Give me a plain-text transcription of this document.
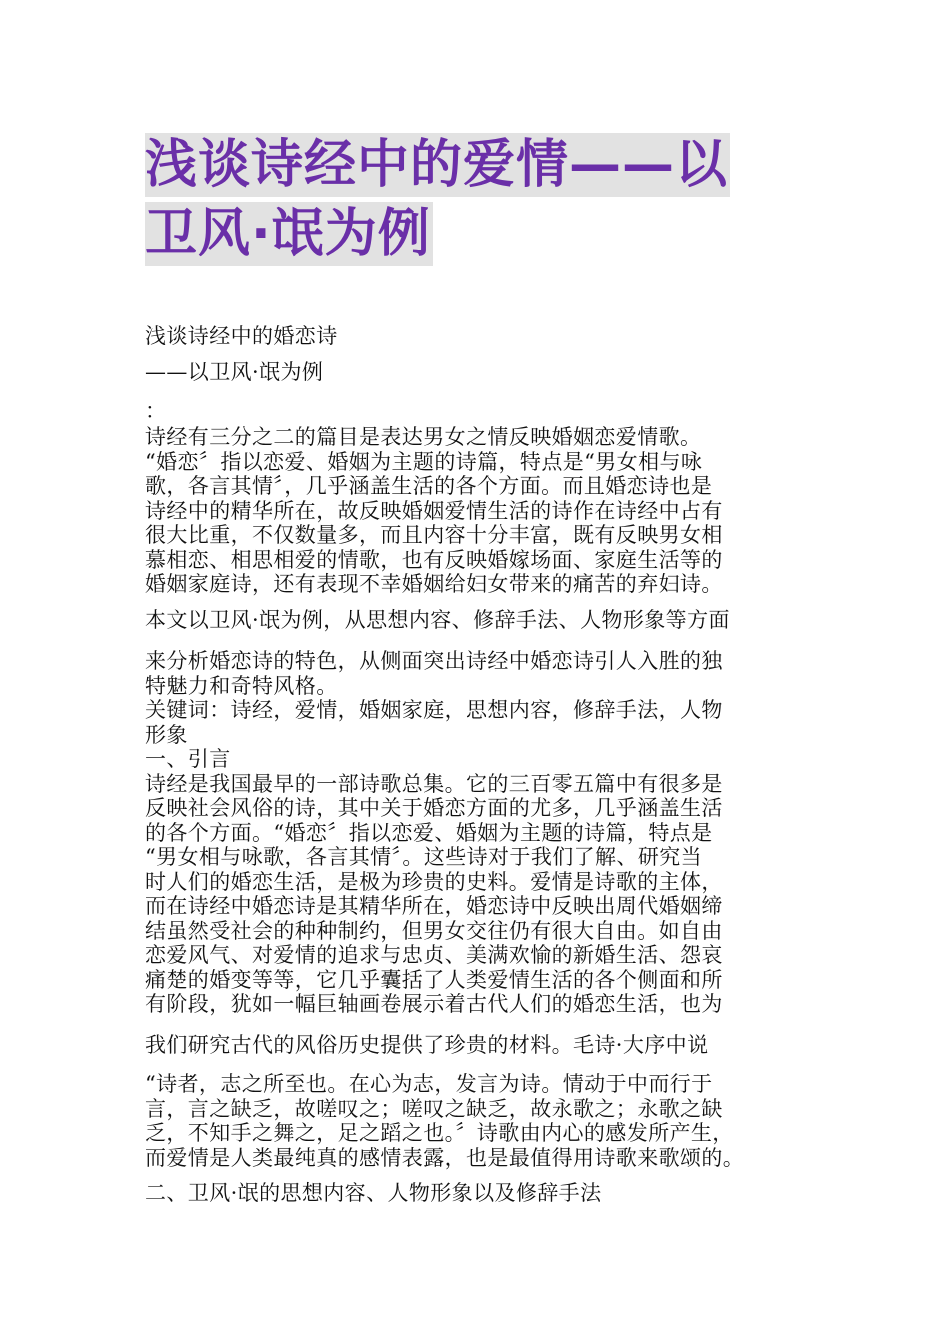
浅谈诗经中的爱情——以
卫风·氓为例

浅谈诗经中的婚恋诗

——以卫风·氓为例

：

诗经有三分之二的篇目是表达男女之情反映婚姻恋爱情歌。
“婚恋〞指以恋爱、婚姻为主题的诗篇，特点是“男女相与咏
歌，各言其情〞，几乎涵盖生活的各个方面。而且婚恋诗也是
诗经中的精华所在，故反映婚姻爱情生活的诗作在诗经中占有
很大比重，不仅数量多，而且内容十分丰富，既有反映男女相
慕相恋、相思相爱的情歌，也有反映婚嫁场面、家庭生活等的
婚姻家庭诗，还有表现不幸婚姻给妇女带来的痛苦的弃妇诗。

本文以卫风·氓为例，从思想内容、修辞手法、人物形象等方面

来分析婚恋诗的特色，从侧面突出诗经中婚恋诗引人入胜的独
特魅力和奇特风格。
关键词：诗经，爱情，婚姻家庭，思想内容，修辞手法，人物
形象
一、引言
诗经是我国最早的一部诗歌总集。它的三百零五篇中有很多是
反映社会风俗的诗，其中关于婚恋方面的尤多，几乎涵盖生活
的各个方面。“婚恋〞指以恋爱、婚姻为主题的诗篇，特点是
“男女相与咏歌，各言其情〞。这些诗对于我们了解、研究当
时人们的婚恋生活，是极为珍贵的史料。爱情是诗歌的主体，
而在诗经中婚恋诗是其精华所在，婚恋诗中反映出周代婚姻缔
结虽然受社会的种种制约，但男女交往仍有很大自由。如自由
恋爱风气、对爱情的追求与忠贞、美满欢愉的新婚生活、怨哀
痛楚的婚变等等，它几乎囊括了人类爱情生活的各个侧面和所
有阶段，犹如一幅巨轴画卷展示着古代人们的婚恋生活，也为

我们研究古代的风俗历史提供了珍贵的材料。毛诗·大序中说

“诗者，志之所至也。在心为志，发言为诗。情动于中而行于
言，言之缺乏，故嗟叹之；嗟叹之缺乏，故永歌之；永歌之缺
乏，不知手之舞之，足之蹈之也。〞诗歌由内心的感发所产生，
而爱情是人类最纯真的感情表露，也是最值得用诗歌来歌颂的。

二、卫风·氓的思想内容、人物形象以及修辞手法
